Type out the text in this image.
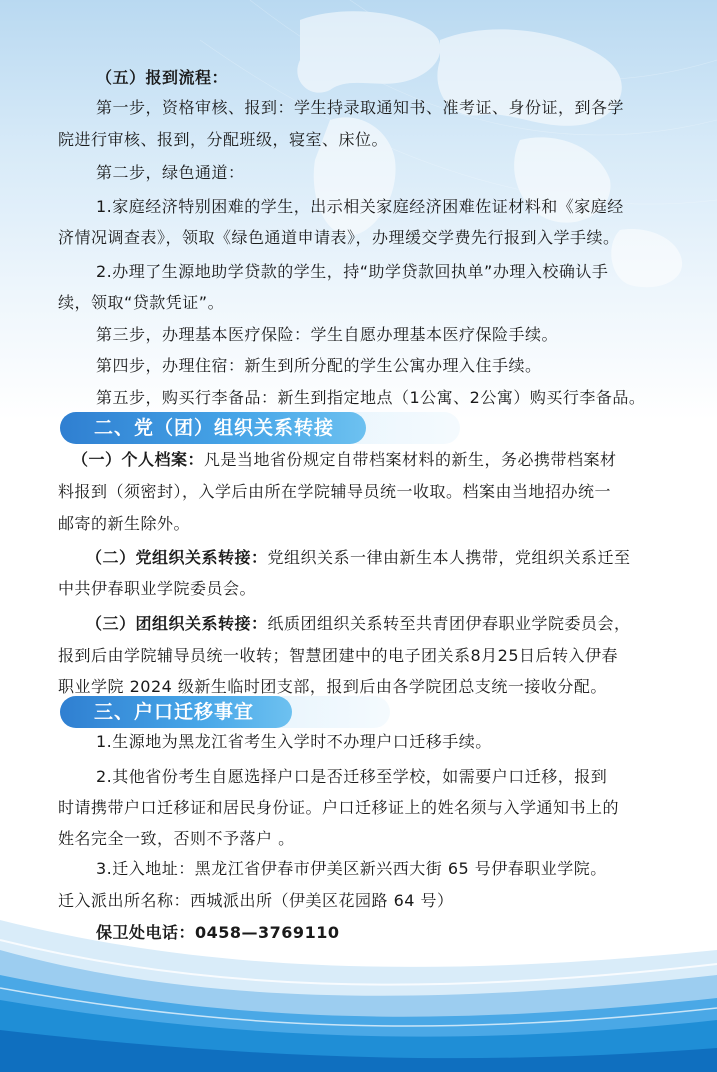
（五）报到流程：
第一步，资格审核、报到：学生持录取通知书、准考证、身份证，到各学
院进行审核、报到，分配班级，寝室、床位。
第二步，绿色通道：
1.家庭经济特别困难的学生，出示相关家庭经济困难佐证材料和《家庭经
济情况调查表》，领取《绿色通道申请表》，办理缓交学费先行报到入学手续。
2.办理了生源地助学贷款的学生，持“助学贷款回执单”办理入校确认手
续，领取“贷款凭证”。
第三步，办理基本医疗保险：学生自愿办理基本医疗保险手续。
第四步，办理住宿：新生到所分配的学生公寓办理入住手续。
第五步，购买行李备品：新生到指定地点（1公寓、2公寓）购买行李备品。
二、党（团）组织关系转接
（一）个人档案：凡是当地省份规定自带档案材料的新生，务必携带档案材
料报到（须密封），入学后由所在学院辅导员统一收取。档案由当地招办统一
邮寄的新生除外。
（二）党组织关系转接：党组织关系一律由新生本人携带，党组织关系迁至
中共伊春职业学院委员会。
（三）团组织关系转接：纸质团组织关系转至共青团伊春职业学院委员会，
报到后由学院辅导员统一收转；智慧团建中的电子团关系8月25日后转入伊春
职业学院 2024 级新生临时团支部，报到后由各学院团总支统一接收分配。
三、户口迁移事宜
1.生源地为黑龙江省考生入学时不办理户口迁移手续。
2.其他省份考生自愿选择户口是否迁移至学校，如需要户口迁移，报到
时请携带户口迁移证和居民身份证。户口迁移证上的姓名须与入学通知书上的
姓名完全一致，否则不予落户 。
3.迁入地址：黑龙江省伊春市伊美区新兴西大街 65 号伊春职业学院。
迁入派出所名称：西城派出所（伊美区花园路 64 号）
保卫处电话：0458—3769110
